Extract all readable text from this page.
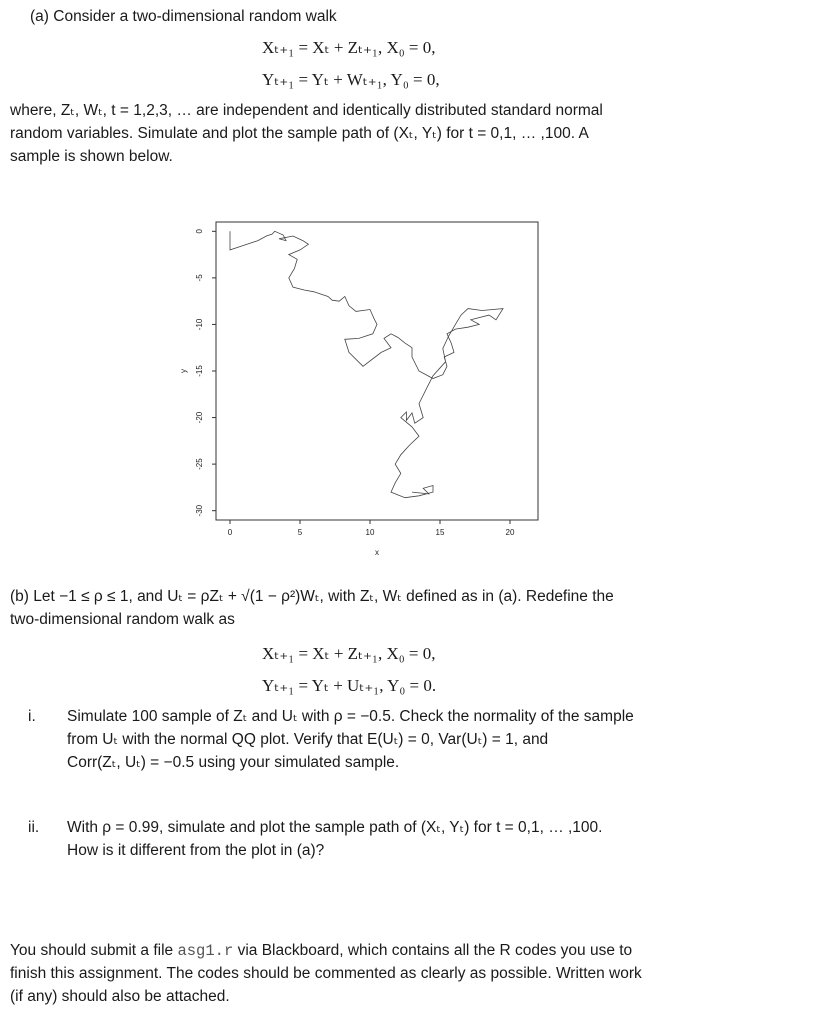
(a) Consider a two-dimensional random walk

Xₜ₊₁ = Xₜ + Zₜ₊₁, X₀ = 0,
Yₜ₊₁ = Yₜ + Wₜ₊₁, Y₀ = 0,

where, Zₜ, Wₜ, t = 1,2,3, … are independent and identically distributed standard normal

random variables. Simulate and plot the sample path of (Xₜ, Yₜ) for t = 0,1, … ,100. A

sample is shown below.

0
-5
-10
-15
-20
-25
-30
0	5	10	15	20
x
y

(b) Let −1 ≤ ρ ≤ 1, and Uₜ = ρZₜ + √(1 − ρ²)Wₜ, with Zₜ, Wₜ defined as in (a). Redefine the

two-dimensional random walk as

Xₜ₊₁ = Xₜ + Zₜ₊₁, X₀ = 0,
Yₜ₊₁ = Yₜ + Uₜ₊₁, Y₀ = 0.

i. Simulate 100 sample of Zₜ and Uₜ with ρ = −0.5. Check the normality of the sample

from Uₜ with the normal QQ plot. Verify that E(Uₜ) = 0, Var(Uₜ) = 1, and

Corr(Zₜ, Uₜ) = −0.5 using your simulated sample.

ii. With ρ = 0.99, simulate and plot the sample path of (Xₜ, Yₜ) for t = 0,1, … ,100.

How is it different from the plot in (a)?

You should submit a file asg1.r via Blackboard, which contains all the R codes you use to

finish this assignment. The codes should be commented as clearly as possible. Written work

(if any) should also be attached.
